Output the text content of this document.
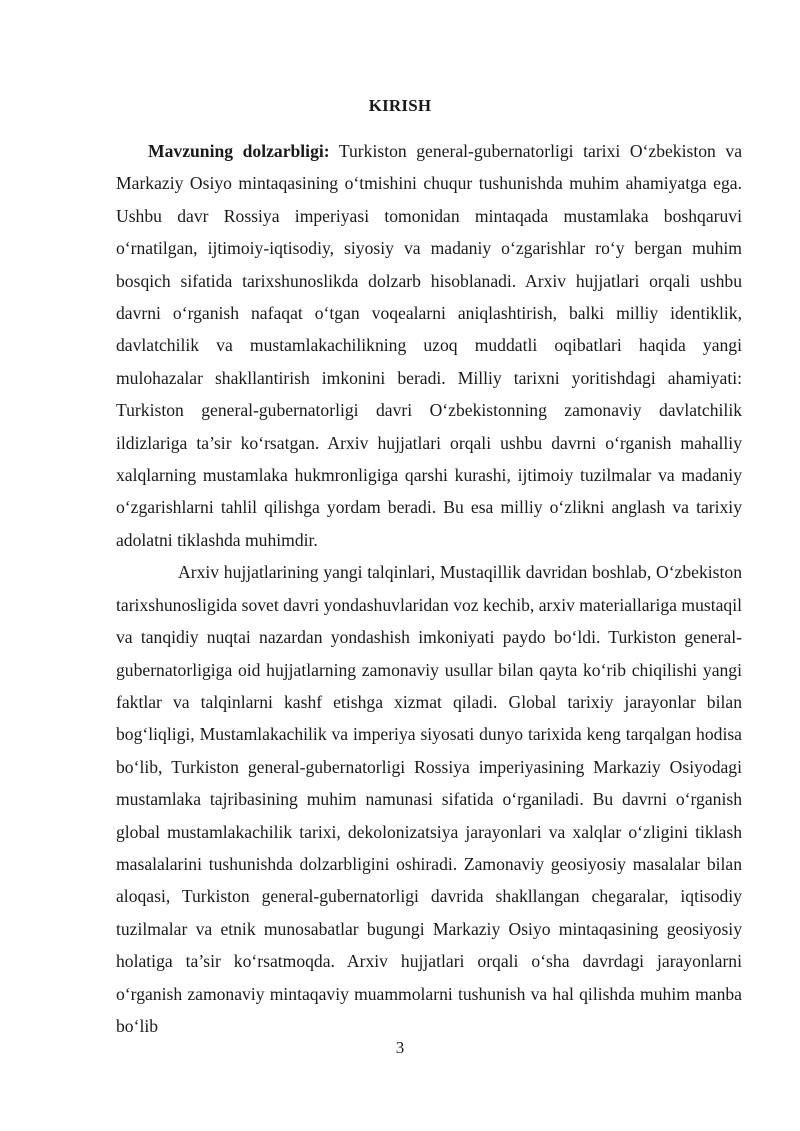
KIRISH

Mavzuning dolzarbligi: Turkiston general-gubernatorligi tarixi O‘zbekiston va Markaziy Osiyo mintaqasining o‘tmishini chuqur tushunishda muhim ahamiyatga ega. Ushbu davr Rossiya imperiyasi tomonidan mintaqada mustamlaka boshqaruvi o‘rnatilgan, ijtimoiy-iqtisodiy, siyosiy va madaniy o‘zgarishlar ro‘y bergan muhim bosqich sifatida tarixshunoslikda dolzarb hisoblanadi. Arxiv hujjatlari orqali ushbu davrni o‘rganish nafaqat o‘tgan voqealarni aniqlashtirish, balki milliy identiklik, davlatchilik va mustamlakachilikning uzoq muddatli oqibatlari haqida yangi mulohazalar shakllantirish imkonini beradi. Milliy tarixni yoritishdagi ahamiyati: Turkiston general-gubernatorligi davri O‘zbekistonning zamonaviy davlatchilik ildizlariga ta’sir ko‘rsatgan. Arxiv hujjatlari orqali ushbu davrni o‘rganish mahalliy xalqlarning mustamlaka hukmronligiga qarshi kurashi, ijtimoiy tuzilmalar va madaniy o‘zgarishlarni tahlil qilishga yordam beradi. Bu esa milliy o‘zlikni anglash va tarixiy adolatni tiklashda muhimdir.

Arxiv hujjatlarining yangi talqinlari, Mustaqillik davridan boshlab, O‘zbekiston tarixshunosligida sovet davri yondashuvlaridan voz kechib, arxiv materiallariga mustaqil va tanqidiy nuqtai nazardan yondashish imkoniyati paydo bo‘ldi. Turkiston general-gubernatorligiga oid hujjatlarning zamonaviy usullar bilan qayta ko‘rib chiqilishi yangi faktlar va talqinlarni kashf etishga xizmat qiladi. Global tarixiy jarayonlar bilan bog‘liqligi, Mustamlakachilik va imperiya siyosati dunyo tarixida keng tarqalgan hodisa bo‘lib, Turkiston general-gubernatorligi Rossiya imperiyasining Markaziy Osiyodagi mustamlaka tajribasining muhim namunasi sifatida o‘rganiladi. Bu davrni o‘rganish global mustamlakachilik tarixi, dekolonizatsiya jarayonlari va xalqlar o‘zligini tiklash masalalarini tushunishda dolzarbligini oshiradi. Zamonaviy geosiyosiy masalalar bilan aloqasi, Turkiston general-gubernatorligi davrida shakllangan chegaralar, iqtisodiy tuzilmalar va etnik munosabatlar bugungi Markaziy Osiyo mintaqasining geosiyosiy holatiga ta’sir ko‘rsatmoqda. Arxiv hujjatlari orqali o‘sha davrdagi jarayonlarni o‘rganish zamonaviy mintaqaviy muammolarni tushunish va hal qilishda muhim manba bo‘lib

3
